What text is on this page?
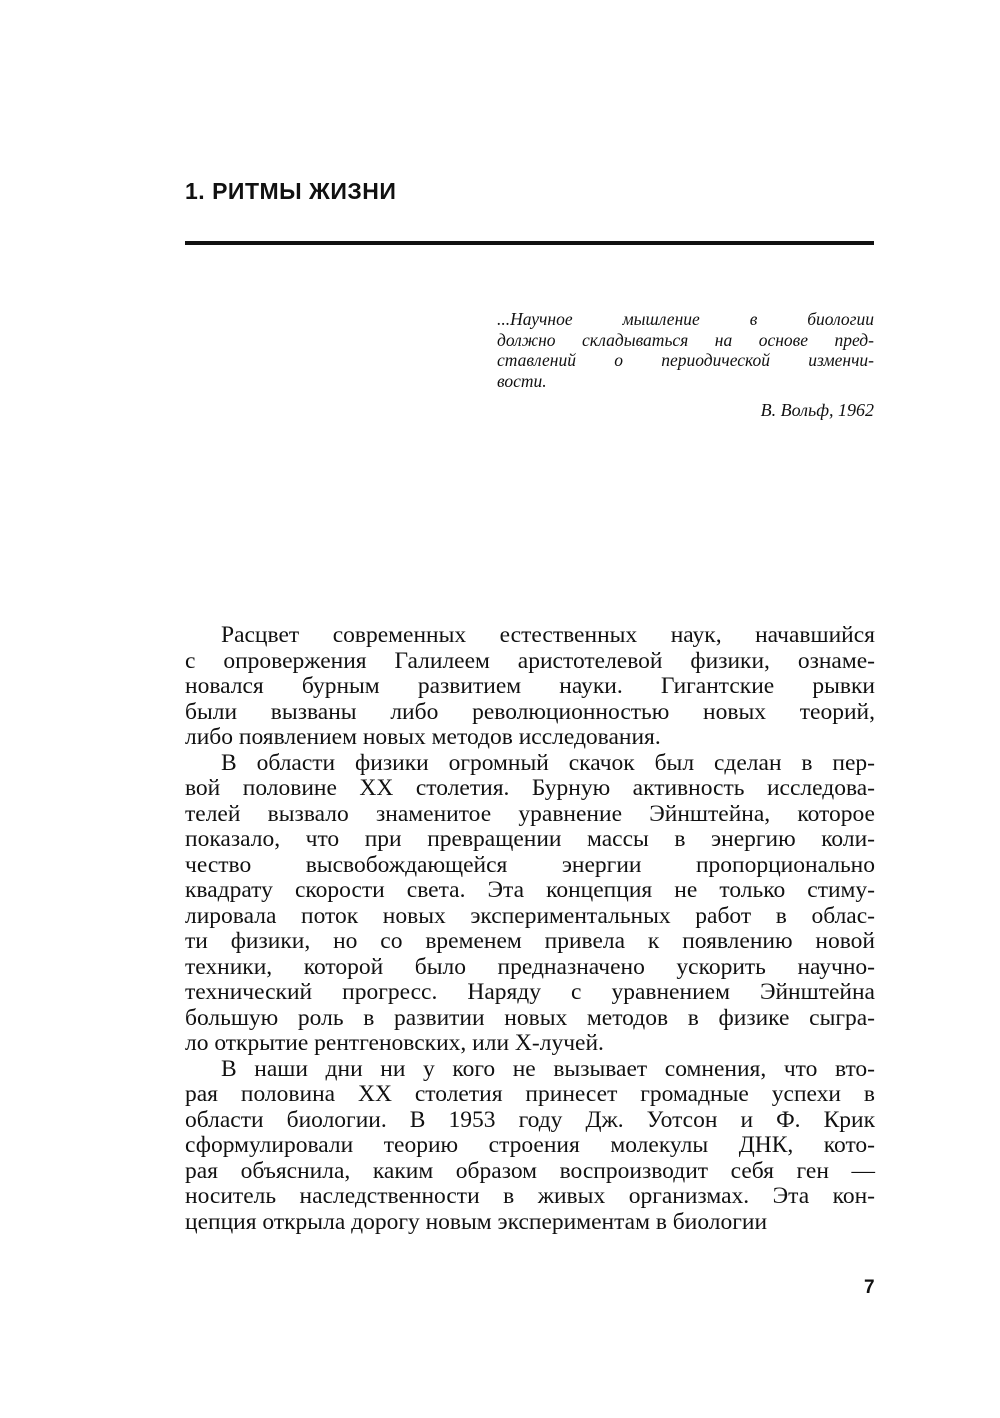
1. РИТМЫ ЖИЗНИ
...Научное мышление в биологии
должно складываться на основе пред-
ставлений о периодической изменчи-
вости.
В. Вольф, 1962
Расцвет современных естественных наук, начавшийся
с опровержения Галилеем аристотелевой физики, ознаме-
новался бурным развитием науки. Гигантские рывки
были вызваны либо революционностью новых теорий,
либо появлением новых методов исследования.
В области физики огромный скачок был сделан в пер-
вой половине XX столетия. Бурную активность исследова-
телей вызвало знаменитое уравнение Эйнштейна, которое
показало, что при превращении массы в энергию коли-
чество высвобождающейся энергии пропорционально
квадрату скорости света. Эта концепция не только стиму-
лировала поток новых экспериментальных работ в облас-
ти физики, но со временем привела к появлению новой
техники, которой было предназначено ускорить научно-
технический прогресс. Наряду с уравнением Эйнштейна
большую роль в развитии новых методов в физике сыгра-
ло открытие рентгеновских, или Х-лучей.
В наши дни ни у кого не вызывает сомнения, что вто-
рая половина XX столетия принесет громадные успехи в
области биологии. В 1953 году Дж. Уотсон и Ф. Крик
сформулировали теорию строения молекулы ДНК, кото-
рая объяснила, каким образом воспроизводит себя ген —
носитель наследственности в живых организмах. Эта кон-
цепция открыла дорогу новым экспериментам в биологии
7
